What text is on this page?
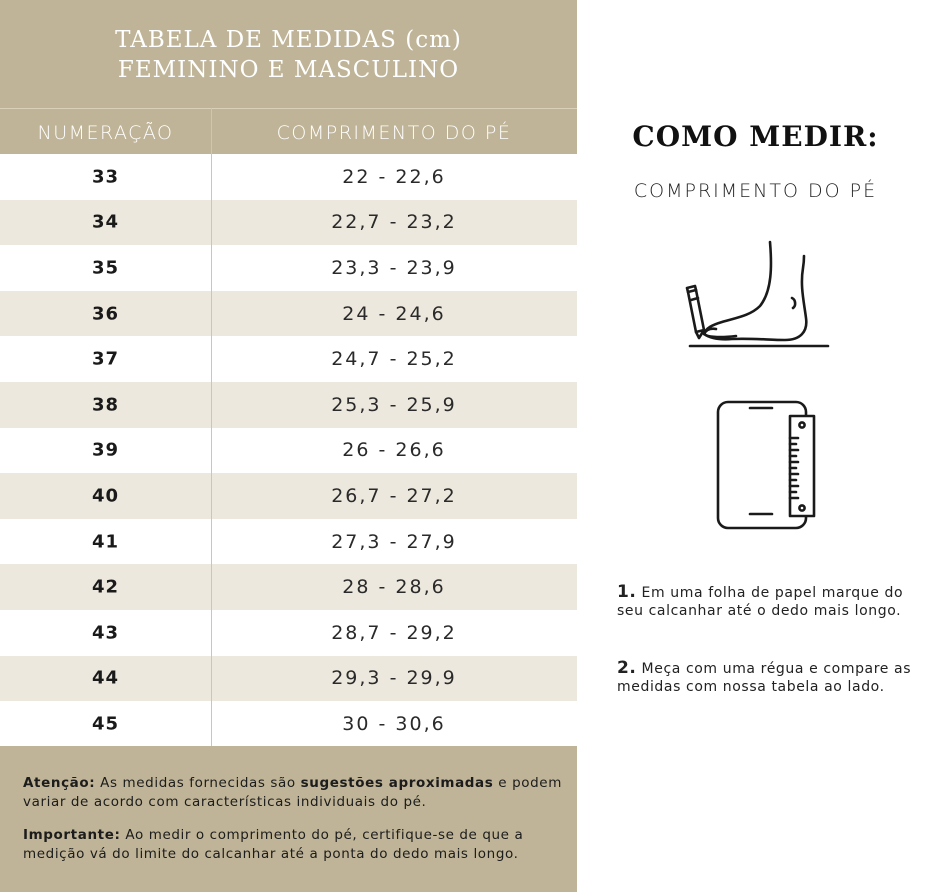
TABELA DE MEDIDAS (cm)
FEMININO E MASCULINO
NUMERAÇÃO	COMPRIMENTO DO PÉ
33	22 - 22,6
34	22,7 - 23,2
35	23,3 - 23,9
36	24 - 24,6
37	24,7 - 25,2
38	25,3 - 25,9
39	26 - 26,6
40	26,7 - 27,2
41	27,3 - 27,9
42	28 - 28,6
43	28,7 - 29,2
44	29,3 - 29,9
45	30 - 30,6

Atenção: As medidas fornecidas são sugestões aproximadas e podem variar de acordo com características individuais do pé.

Importante: Ao medir o comprimento do pé, certifique-se de que a medição vá do limite do calcanhar até a ponta do dedo mais longo.

COMO MEDIR:
COMPRIMENTO DO PÉ
1. Em uma folha de papel marque do seu calcanhar até o dedo mais longo.
2. Meça com uma régua e compare as medidas com nossa tabela ao lado.
